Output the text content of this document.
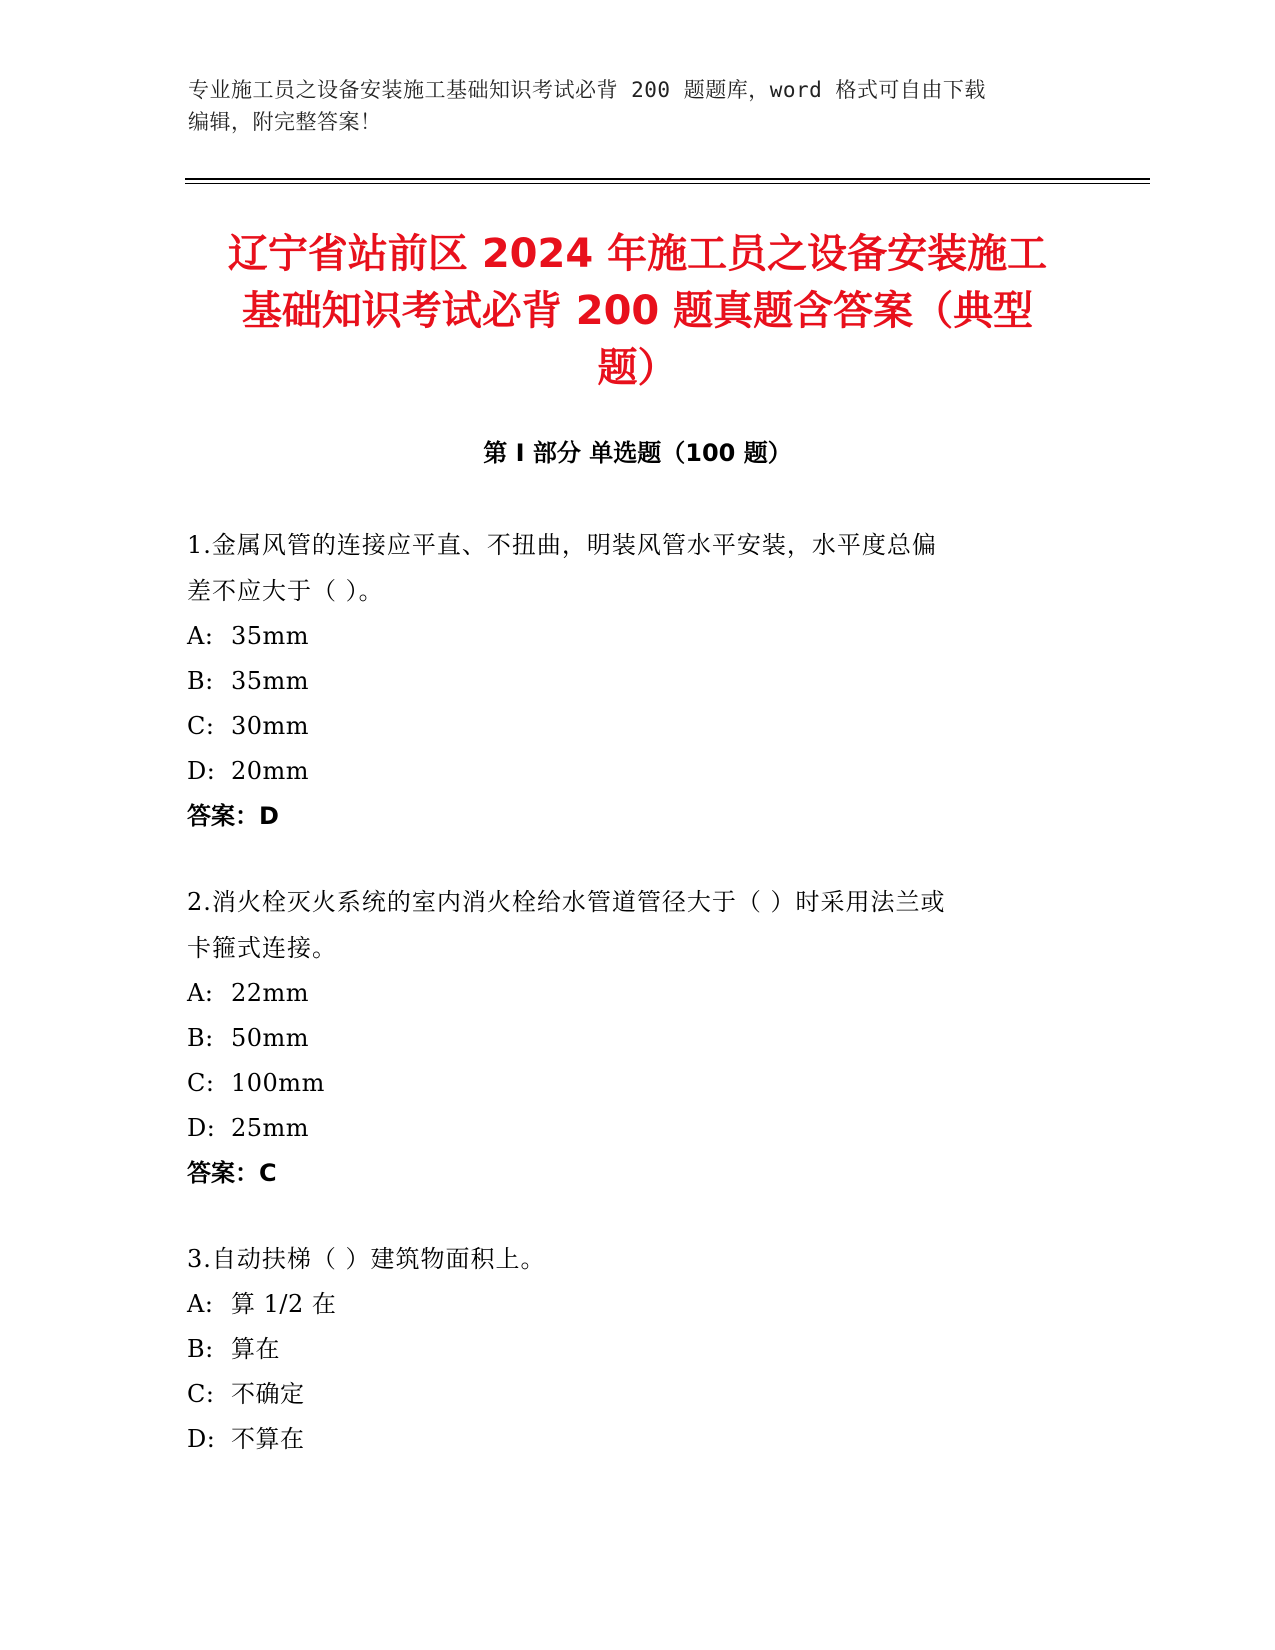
专业施工员之设备安装施工基础知识考试必背 200 题题库，word 格式可自由下载
编辑，附完整答案！
辽宁省站前区 2024 年施工员之设备安装施工
基础知识考试必背 200 题真题含答案（典型
题）
第 I 部分 单选题（100 题）

1.金属风管的连接应平直、不扭曲，明装风管水平安装，水平度总偏

差不应大于（ ）。

A: 35mm

B: 35mm

C: 30mm

D: 20mm

答案：D

2.消火栓灭火系统的室内消火栓给水管道管径大于（ ）时采用法兰或

卡箍式连接。

A: 22mm

B: 50mm

C: 100mm

D: 25mm

答案：C

3.自动扶梯（ ）建筑物面积上。

A: 算 1/2 在

B: 算在

C: 不确定

D: 不算在
